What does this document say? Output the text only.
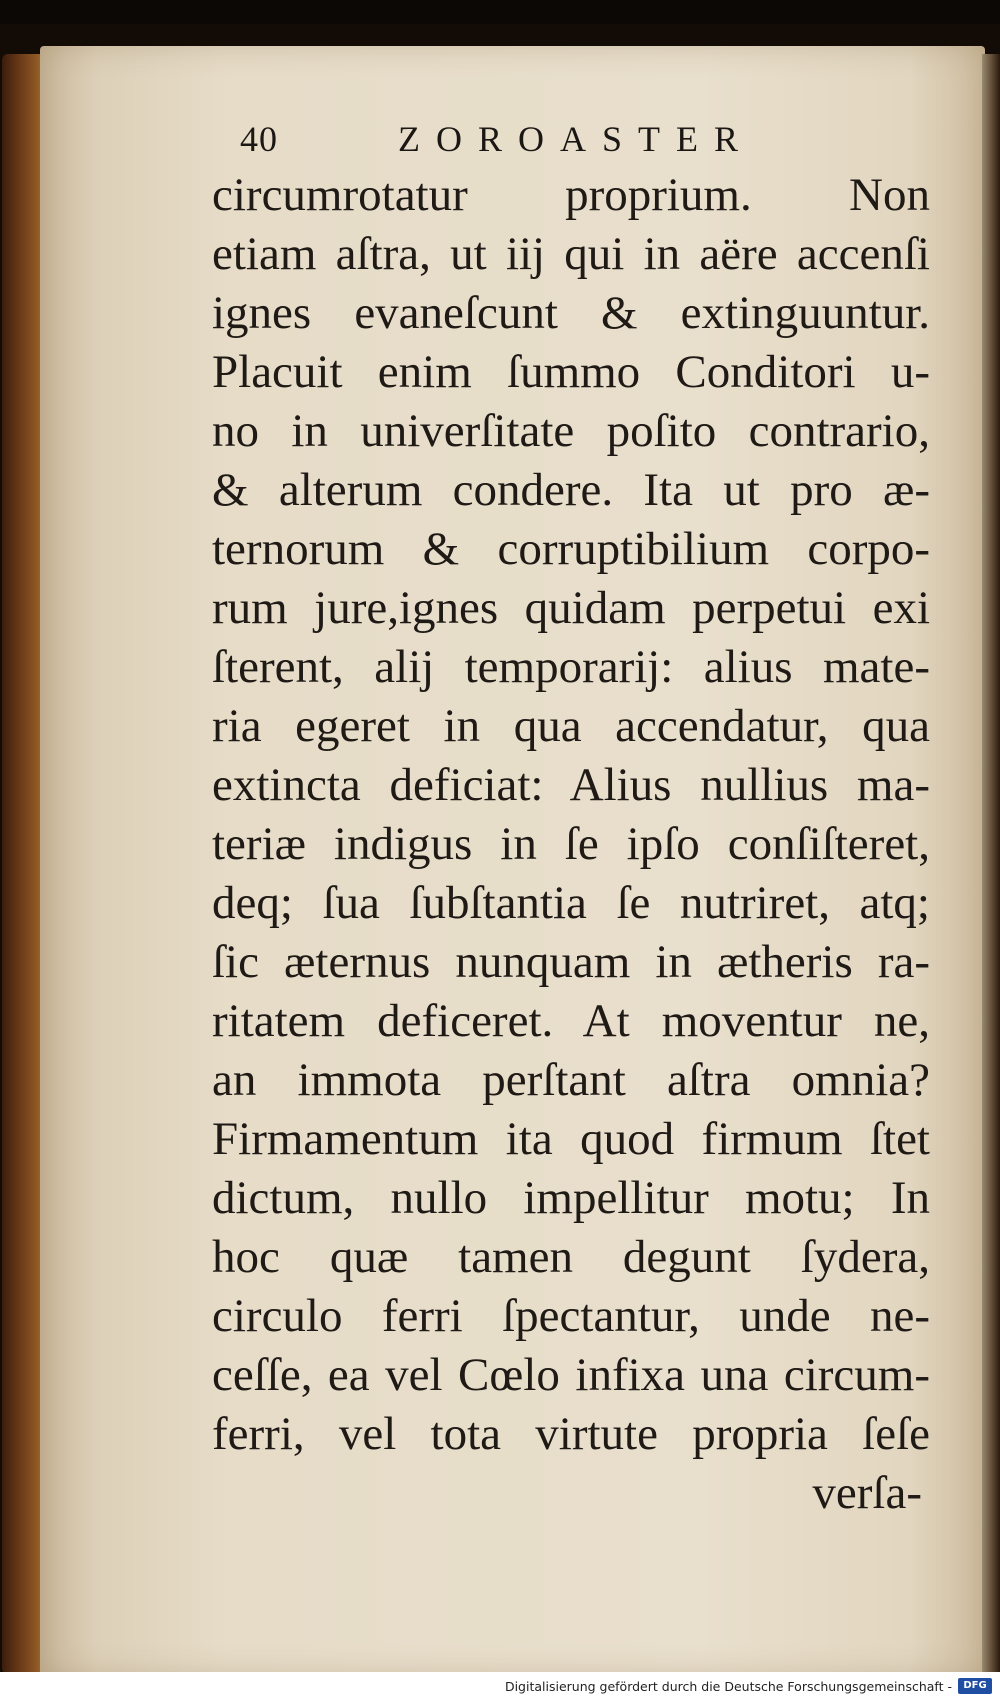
40	ZOROASTER
circumrotatur proprium. Non
etiam aſtra, ut iĳ qui in aëre accenſi
ignes evaneſcunt & extinguuntur.
Placuit enim ſummo Conditori u-
no in univerſitate poſito contrario,
& alterum condere. Ita ut pro æ-
ternorum & corruptibilium corpo-
rum jure,ignes quidam perpetui exi
ſterent, alĳ temporarĳ: alius mate-
ria egeret in qua accendatur, qua
extincta deficiat: Alius nullius ma-
teriæ indigus in ſe ipſo conſiſteret,
deq; ſua ſubſtantia ſe nutriret, atq;
ſic æternus nunquam in ætheris ra-
ritatem deficeret. At moventur ne,
an immota perſtant aſtra omnia?
Firmamentum ita quod firmum ſtet
dictum, nullo impellitur motu; In
hoc quæ tamen degunt ſydera,
circulo ferri ſpectantur, unde ne-
ceſſe, ea vel Cœlo infixa una circum-
ferri, vel tota virtute propria ſeſe
verſa-
Digitalisierung gefördert durch die Deutsche Forschungsgemeinschaft -	DFG
